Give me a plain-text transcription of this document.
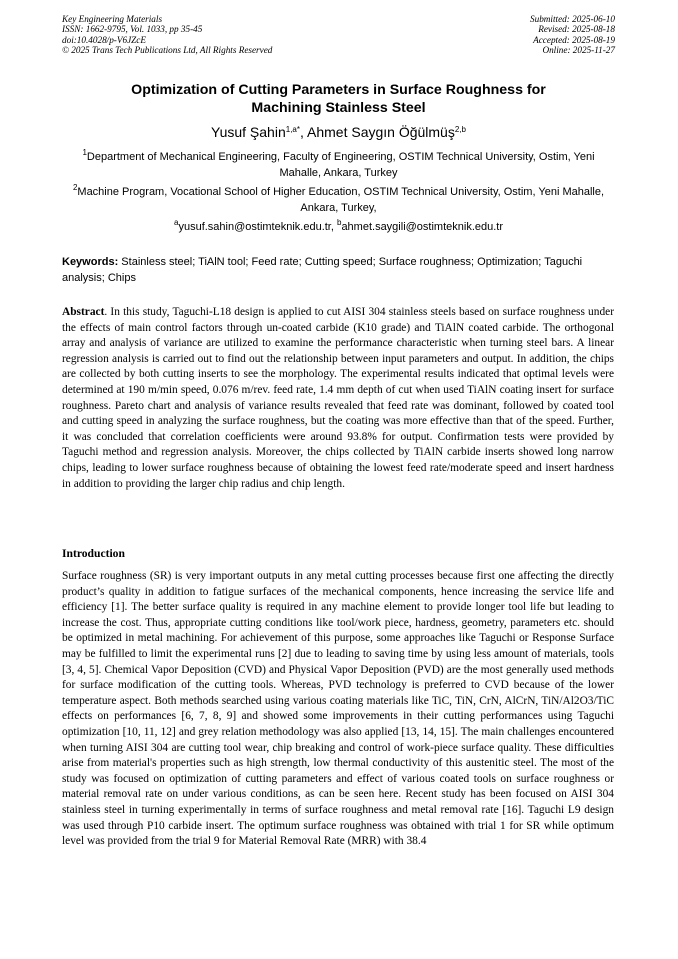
Key Engineering Materials
ISSN: 1662-9795, Vol. 1033, pp 35-45
doi:10.4028/p-V6JZcE
© 2025 Trans Tech Publications Ltd, All Rights Reserved
Submitted: 2025-06-10
Revised: 2025-08-18
Accepted: 2025-08-19
Online: 2025-11-27
Optimization of Cutting Parameters in Surface Roughness for
Machining Stainless Steel
Yusuf Şahin$^{1,a*}$, Ahmet Saygın Öğülmüş$^{2,b}$
$^1$Department of Mechanical Engineering, Faculty of Engineering, OSTIM Technical University, Ostim, Yeni Mahalle, Ankara, Turkey
$^2$Machine Program, Vocational School of Higher Education, OSTIM Technical University, Ostim, Yeni Mahalle, Ankara, Turkey,
$^a$yusuf.sahin@ostimteknik.edu.tr, $^b$ahmet.saygili@ostimteknik.edu.tr
Keywords: Stainless steel; TiAlN tool; Feed rate; Cutting speed; Surface roughness; Optimization; Taguchi analysis; Chips
Abstract. In this study, Taguchi-L18 design is applied to cut AISI 304 stainless steels based on surface roughness under the effects of main control factors through un-coated carbide (K10 grade) and TiAlN coated carbide. The orthogonal array and analysis of variance are utilized to examine the performance characteristic when turning steel bars. A linear regression analysis is carried out to find out the relationship between input parameters and output. In addition, the chips are collected by both cutting inserts to see the morphology. The experimental results indicated that optimal levels were determined at 190 m/min speed, 0.076 m/rev. feed rate, 1.4 mm depth of cut when used TiAlN coating insert for surface roughness. Pareto chart and analysis of variance results revealed that feed rate was dominant, followed by coated tool and cutting speed in analyzing the surface roughness, but the coating was more effective than that of the speed. Further, it was concluded that correlation coefficients were around 93.8% for output. Confirmation tests were provided by Taguchi method and regression analysis. Moreover, the chips collected by TiAlN carbide inserts showed long narrow chips, leading to lower surface roughness because of obtaining the lowest feed rate/moderate speed and insert hardness in addition to providing the larger chip radius and chip length.
Introduction
Surface roughness (SR) is very important outputs in any metal cutting processes because first one affecting the directly product’s quality in addition to fatigue surfaces of the mechanical components, hence increasing the service life and efficiency [1]. The better surface quality is required in any machine element to provide longer tool life but leading to increase the cost. Thus, appropriate cutting conditions like tool/work piece, hardness, geometry, parameters etc. should be optimized in metal machining. For achievement of this purpose, some approaches like Taguchi or Response Surface may be fulfilled to limit the experimental runs [2] due to leading to saving time by using less amount of materials, tools [3, 4, 5]. Chemical Vapor Deposition (CVD) and Physical Vapor Deposition (PVD) are the most generally used methods for surface modification of the cutting tools. Whereas, PVD technology is preferred to CVD because of the lower temperature aspect. Both methods searched using various coating materials like TiC, TiN, CrN, AlCrN, TiN/Al2O3/TiC effects on performances [6, 7, 8, 9] and showed some improvements in their cutting performances using Taguchi optimization [10, 11, 12] and grey relation methodology was also applied [13, 14, 15]. The main challenges encountered when turning AISI 304 are cutting tool wear, chip breaking and control of work-piece surface quality. These difficulties arise from material's properties such as high strength, low thermal conductivity of this austenitic steel. The most of the study was focused on optimization of cutting parameters and effect of various coated tools on surface roughness or material removal rate on under various conditions, as can be seen here. Recent study has been focused on AISI 304 stainless steel in turning experimentally in terms of surface roughness and metal removal rate [16]. Taguchi L9 design was used through P10 carbide insert. The optimum surface roughness was obtained with trial 1 for SR while optimum level was provided from the trial 9 for Material Removal Rate (MRR) with 38.4
